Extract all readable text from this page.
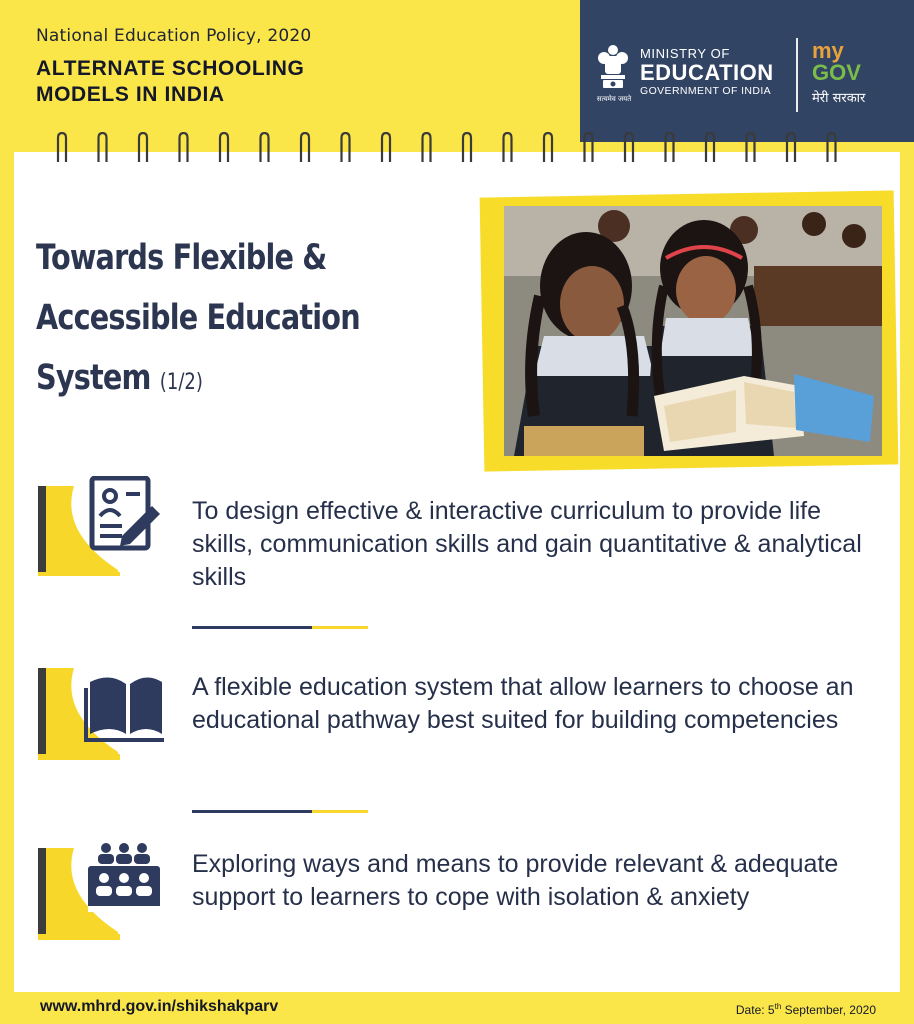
National Education Policy, 2020
ALTERNATE SCHOOLING
MODELS IN INDIA	सत्यमेव जयते
MINISTRY OF
EDUCATION
GOVERNMENT OF INDIA
my
GOV
मेरी सरकार
Towards Flexible &
Accessible Education
System (1/2)
To design effective & interactive curriculum to provide life skills, communication skills and gain quantitative & analytical skills
A flexible education system that allow learners to choose an educational pathway best suited for building competencies
Exploring ways and means to provide relevant & adequate support to learners to cope with isolation & anxiety
www.mhrd.gov.in/shikshakparv	Date: 5th September, 2020
